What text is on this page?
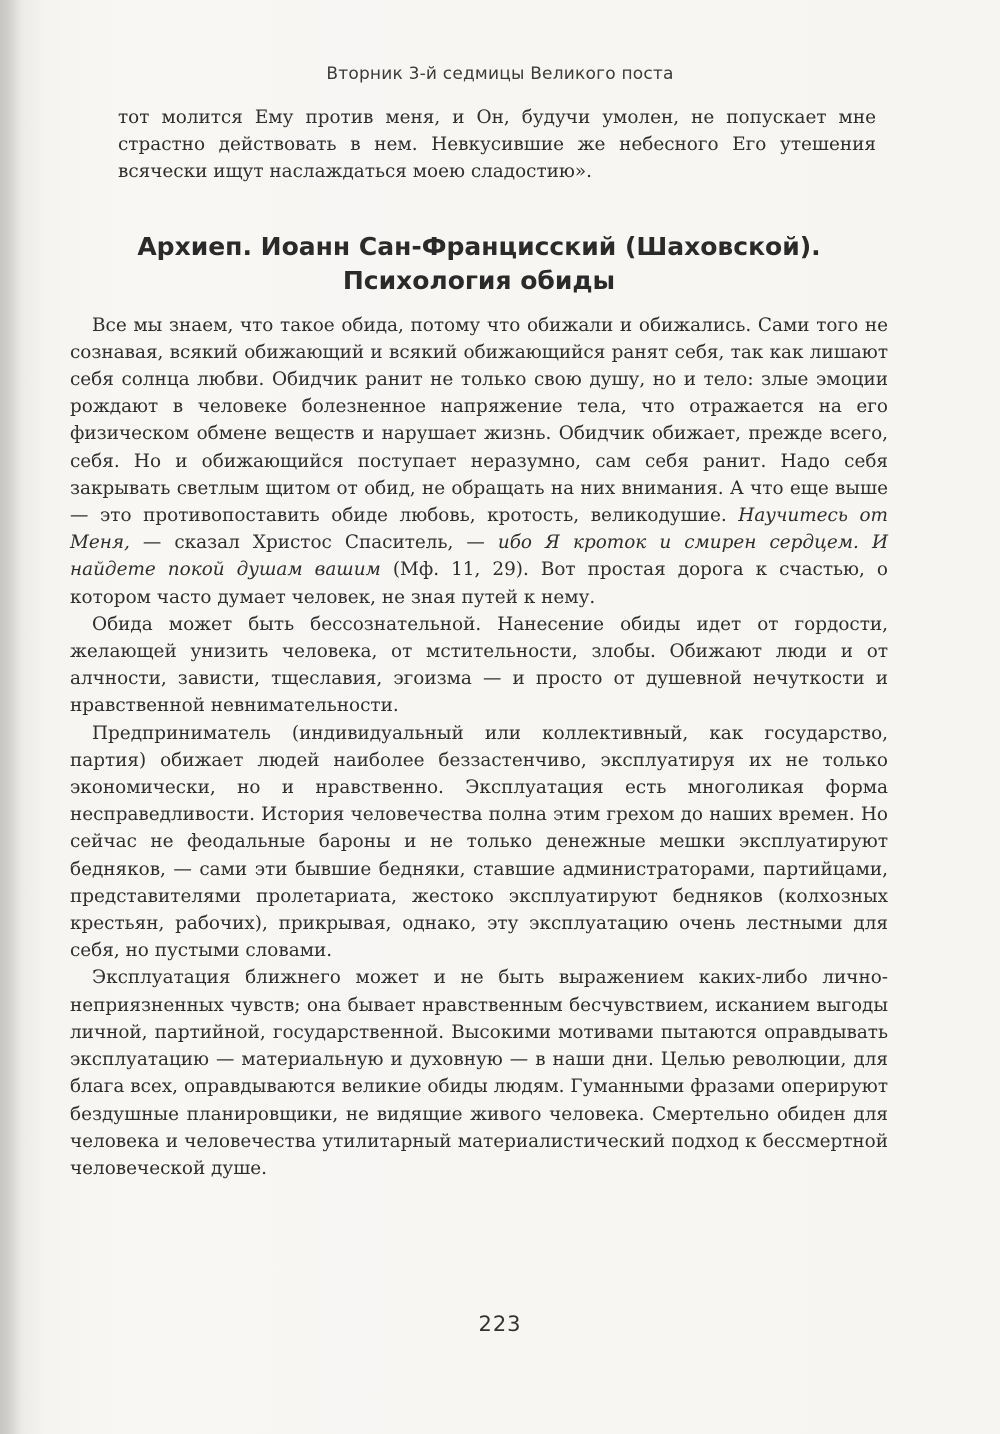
Вторник 3-й седмицы Великого поста

тот молится Ему против меня, и Он, будучи умолен, не попускает мне страстно действовать в нем. Невкусившие же небесного Его утешения всячески ищут наслаждаться моею сладостию».

Архиеп. Иоанн Сан-Францисский (Шаховской).
Психология обиды

Все мы знаем, что такое обида, потому что обижали и обижались. Сами того не сознавая, всякий обижающий и всякий обижающийся ранят себя, так как лишают себя солнца любви. Обидчик ранит не только свою душу, но и тело: злые эмоции рождают в человеке болезненное напряжение тела, что отражается на его физическом обмене веществ и нарушает жизнь. Обидчик обижает, прежде всего, себя. Но и обижающийся поступает неразумно, сам себя ранит. Надо себя закрывать светлым щитом от обид, не обращать на них внимания. А что еще выше — это противопоставить обиде любовь, кротость, великодушие. Научитесь от Меня, — сказал Христос Спаситель, — ибо Я кроток и смирен сердцем. И найдете покой душам вашим (Мф. 11, 29). Вот простая дорога к счастью, о котором часто думает человек, не зная путей к нему.

Обида может быть бессознательной. Нанесение обиды идет от гордости, желающей унизить человека, от мстительности, злобы. Обижают люди и от алчности, зависти, тщеславия, эгоизма — и просто от душевной нечуткости и нравственной невнимательности.

Предприниматель (индивидуальный или коллективный, как государство, партия) обижает людей наиболее беззастенчиво, эксплуатируя их не только экономически, но и нравственно. Эксплуатация есть многоликая форма несправедливости. История человечества полна этим грехом до наших времен. Но сейчас не феодальные бароны и не только денежные мешки эксплуатируют бедняков, — сами эти бывшие бедняки, ставшие администраторами, партийцами, представителями пролетариата, жестоко эксплуатируют бедняков (колхозных крестьян, рабочих), прикрывая, однако, эту эксплуатацию очень лестными для себя, но пустыми словами.

Эксплуатация ближнего может и не быть выражением каких-либо лично-неприязненных чувств; она бывает нравственным бесчувствием, исканием выгоды личной, партийной, государственной. Высокими мотивами пытаются оправдывать эксплуатацию — материальную и духовную — в наши дни. Целью революции, для блага всех, оправдываются великие обиды людям. Гуманными фразами оперируют бездушные планировщики, не видящие живого человека. Смертельно обиден для человека и человечества утилитарный материалистический подход к бессмертной человеческой душе.

223
